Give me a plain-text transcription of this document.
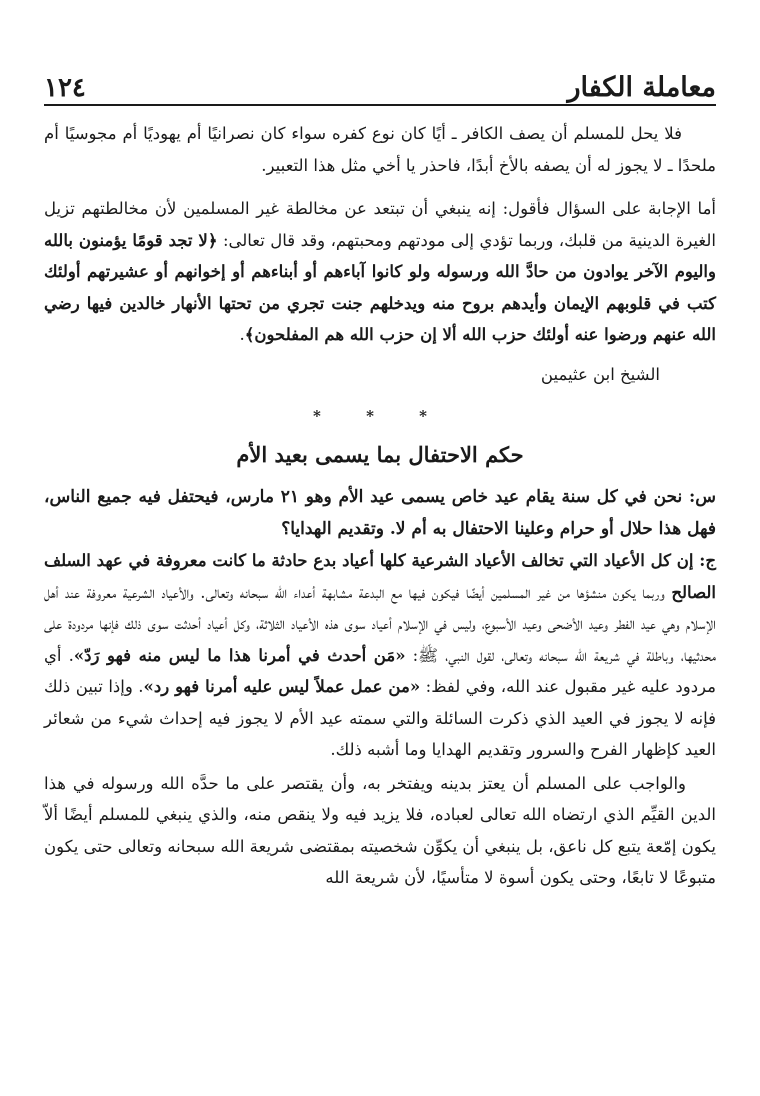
معاملة الكفار
١٢٤

فلا يحل للمسلم أن يصف الكافر ـ أيًا كان نوع كفره سواء كان نصرانيًا أم يهوديًا أم مجوسيًا أم ملحدًا ـ لا يجوز له أن يصفه بالأخ أبدًا، فاحذر يا أخي مثل هذا التعبير.

أما الإجابة على السؤال فأقول: إنه ينبغي أن تبتعد عن مخالطة غير المسلمين لأن مخالطتهم تزيل الغيرة الدينية من قلبك، وربما تؤدي إلى مودتهم ومحبتهم، وقد قال تعالى: ﴿لا تجد قومًا يؤمنون بالله واليوم الآخر يوادون من حادَّ الله ورسوله ولو كانوا آباءهم أو أبناءهم أو إخوانهم أو عشيرتهم أولئك كتب في قلوبهم الإيمان وأيدهم بروح منه ويدخلهم جنت تجري من تحتها الأنهار خالدين فيها رضي الله عنهم ورضوا عنه أولئك حزب الله ألا إن حزب الله هم المفلحون﴾.

الشيخ ابن عثيمين
* * *
حكم الاحتفال بما يسمى بعيد الأم

س: نحن في كل سنة يقام عيد خاص يسمى عيد الأم وهو ٢١ مارس، فيحتفل فيه جميع الناس، فهل هذا حلال أو حرام وعلينا الاحتفال به أم لا. وتقديم الهدايا؟

ج: إن كل الأعياد التي تخالف الأعياد الشرعية كلها أعياد بدع حادثة ما كانت معروفة في عهد السلف الصالح وربما يكون منشؤها من غير المسلمين أيضًا فيكون فيها مع البدعة مشابهة أعداء الله سبحانه وتعالى. والأعياد الشرعية معروفة عند أهل الإسلام وهي عيد الفطر وعيد الأضحى وعيد الأسبوع، وليس في الإسلام أعياد سوى هذه الأعياد الثلاثة، وكل أعياد أحدثت سوى ذلك فإنها مردودة على محدثيها، وباطلة في شريعة الله سبحانه وتعالى، لقول النبي، ﷺ: «مَن أحدث في أمرنا هذا ما ليس منه فهو رَدّ». أي مردود عليه غير مقبول عند الله، وفي لفظ: «من عمل عملاً ليس عليه أمرنا فهو رد». وإذا تبين ذلك فإنه لا يجوز في العيد الذي ذكرت السائلة والتي سمته عيد الأم لا يجوز فيه إحداث شيء من شعائر العيد كإظهار الفرح والسرور وتقديم الهدايا وما أشبه ذلك.

والواجب على المسلم أن يعتز بدينه ويفتخر به، وأن يقتصر على ما حدَّه الله ورسوله في هذا الدين القيِّم الذي ارتضاه الله تعالى لعباده، فلا يزيد فيه ولا ينقص منه، والذي ينبغي للمسلم أيضًا ألاّ يكون إمّعة يتبع كل ناعق، بل ينبغي أن يكوِّن شخصيته بمقتضى شريعة الله سبحانه وتعالى حتى يكون متبوعًا لا تابعًا، وحتى يكون أسوة لا متأسيًا، لأن شريعة الله
